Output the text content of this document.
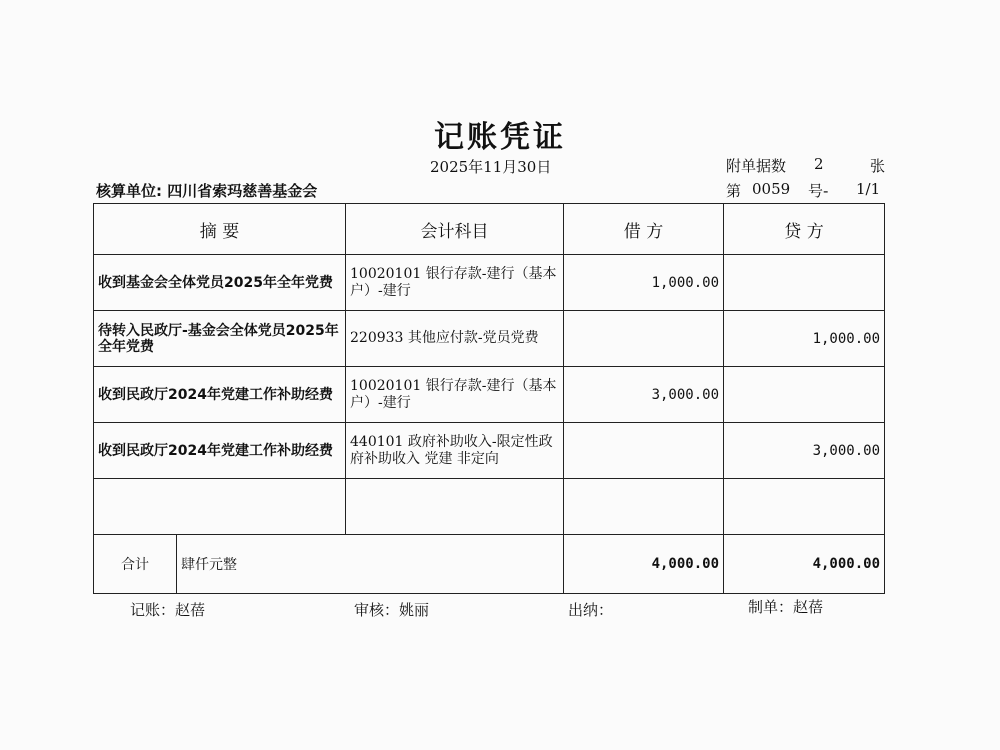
记账凭证
2025年11月30日	附单据数 2	张
核算单位: 四川省索玛慈善基金会	第 0059 号- 1/1
摘 要	会计科目	借 方	贷 方
收到基金会全体党员2025年全年党费	10020101 银行存款-建行（基本户）-建行	1,000.00	
待转入民政厅-基金会全体党员2025年全年党费	220933 其他应付款-党员党费		1,000.00
收到民政厅2024年党建工作补助经费	10020101 银行存款-建行（基本户）-建行	3,000.00	
收到民政厅2024年党建工作补助经费	440101 政府补助收入-限定性政府补助收入 党建 非定向		3,000.00

合计 肆仟元整		4,000.00	4,000.00
记账：赵蓓	审核：姚丽	出纳：	制单：赵蓓
